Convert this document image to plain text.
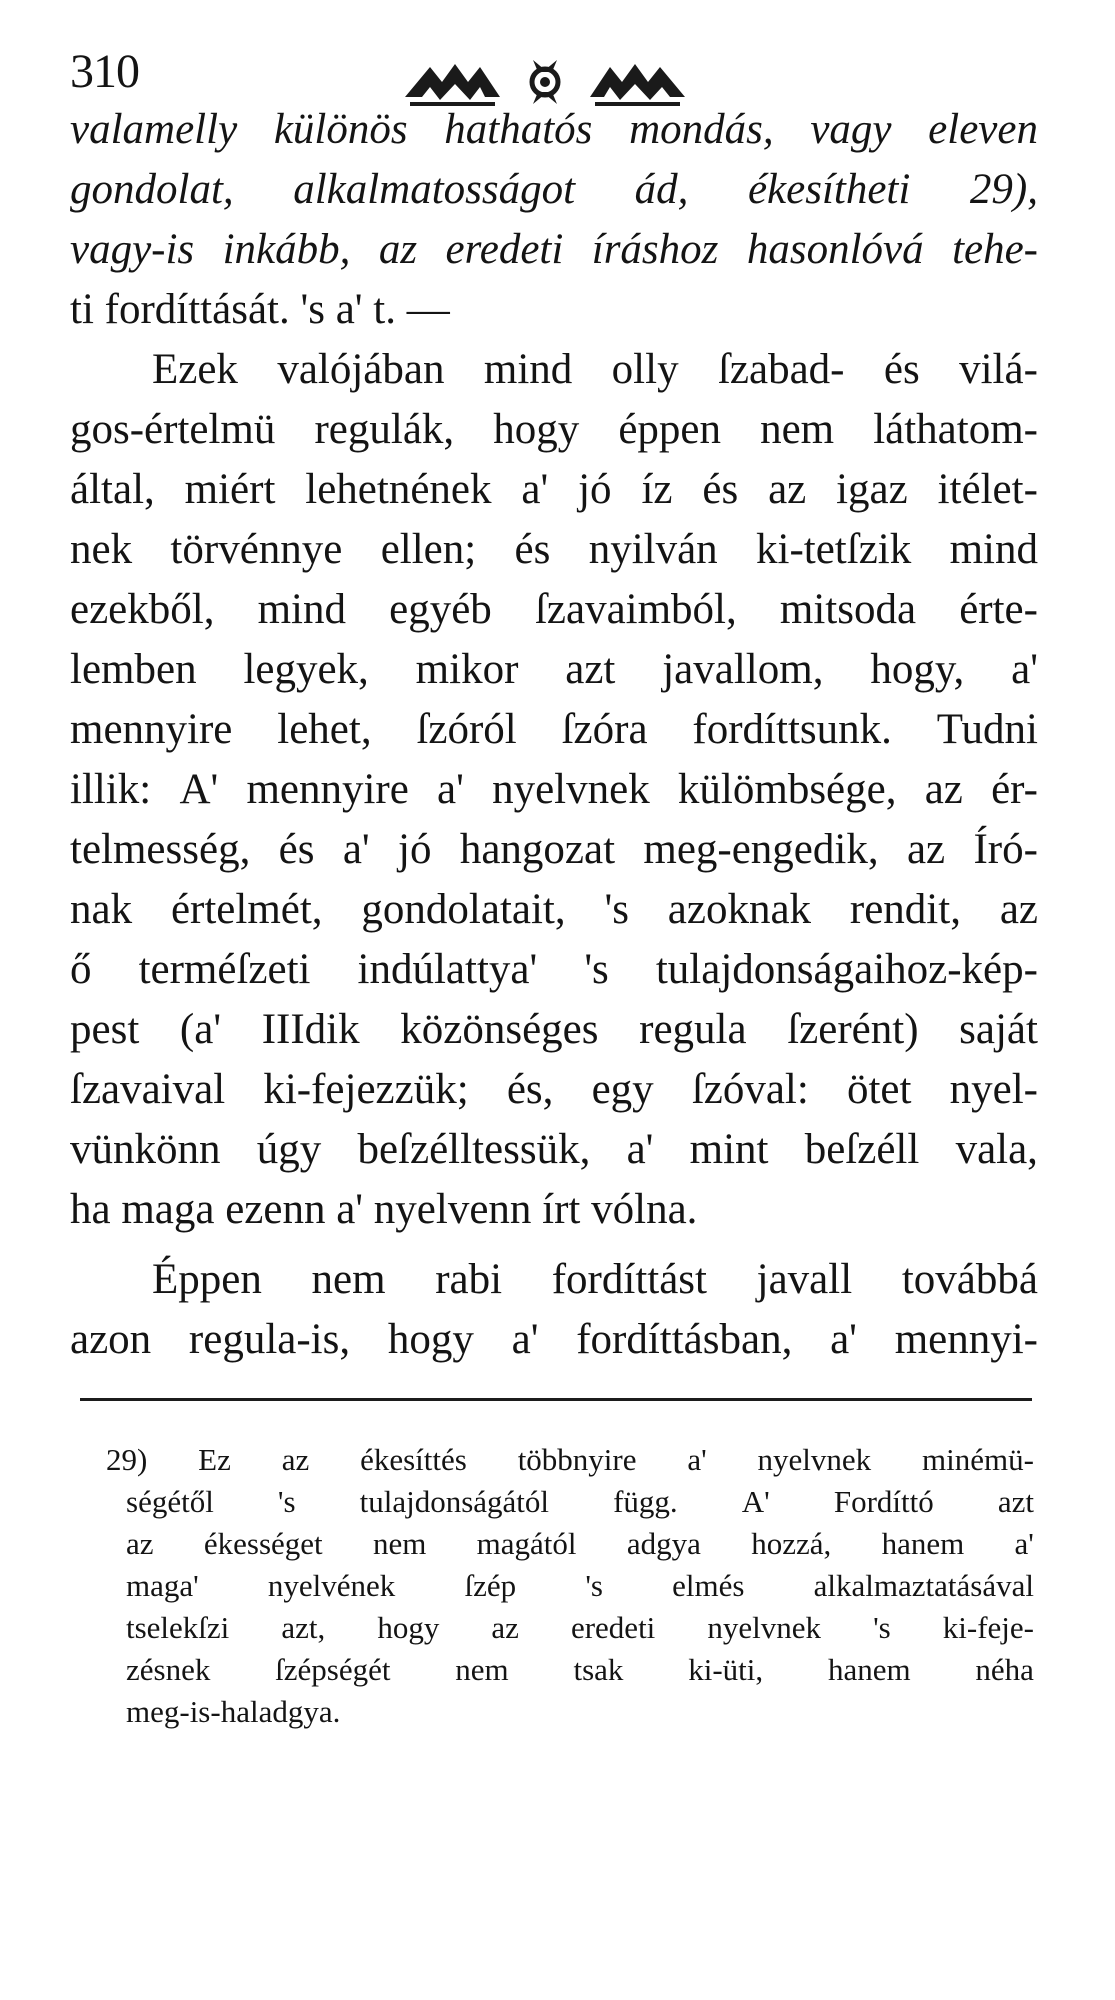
310
valamelly különös hathatós mondás, vagy eleven
gondolat, alkalmatosságot ád, ékesítheti 29),
vagy-is inkább, az eredeti íráshoz hasonlóvá tehe-
ti fordíttását. 's a' t. —
Ezek valójában mind olly ſzabad- és vilá-
gos-értelmü regulák, hogy éppen nem láthatom-
által, miért lehetnének a' jó íz és az igaz itélet-
nek törvénnye ellen; és nyilván ki-tetſzik mind
ezekből, mind egyéb ſzavaimból, mitsoda érte-
lemben legyek, mikor azt javallom, hogy, a'
mennyire lehet, ſzóról ſzóra fordíttsunk. Tudni
illik: A' mennyire a' nyelvnek külömbsége, az ér-
telmesség, és a' jó hangozat meg-engedik, az Író-
nak értelmét, gondolatait, 's azoknak rendit, az
ő terméſzeti indúlattya' 's tulajdonságaihoz-kép-
pest (a' IIIdik közönséges regula ſzerént) saját
ſzavaival ki-fejezzük; és, egy ſzóval: ötet nyel-
vünkönn úgy beſzélltessük, a' mint beſzéll vala,
ha maga ezenn a' nyelvenn írt vólna.
Éppen nem rabi fordíttást javall továbbá
azon regula-is, hogy a' fordíttásban, a' mennyi-
29) Ez az ékesíttés többnyire a' nyelvnek minémü-
ségétől 's tulajdonságától függ. A' Fordíttó azt
az ékességet nem magától adgya hozzá, hanem a'
maga' nyelvének ſzép 's elmés alkalmaztatásával
tselekſzi azt, hogy az eredeti nyelvnek 's ki-feje-
zésnek ſzépségét nem tsak ki-üti, hanem néha
meg-is-haladgya.
